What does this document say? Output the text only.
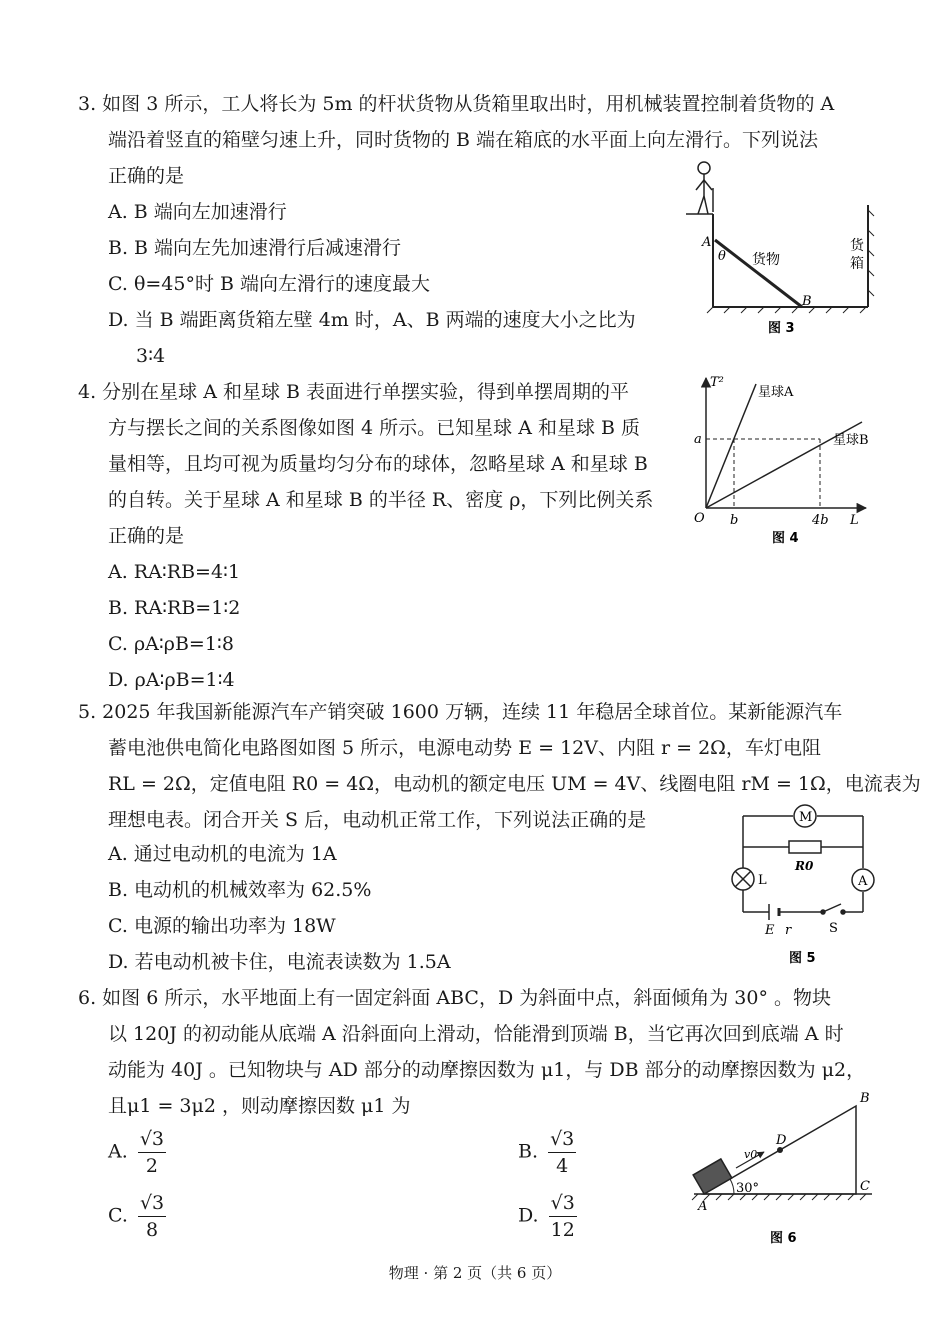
3. 如图 3 所示，工人将长为 5m 的杆状货物从货箱里取出时，用机械装置控制着货物的 A
端沿着竖直的箱壁匀速上升，同时货物的 B 端在箱底的水平面上向左滑行。下列说法
正确的是
A. B 端向左加速滑行
B. B 端向左先加速滑行后减速滑行
C. θ=45°时 B 端向左滑行的速度最大
D. 当 B 端距离货箱左壁 4m 时，A、B 两端的速度大小之比为
3∶4
A
θ 货物
B
货
箱
图 3
4. 分别在星球 A 和星球 B 表面进行单摆实验，得到单摆周期的平
方与摆长之间的关系图像如图 4 所示。已知星球 A 和星球 B 质
量相等，且均可视为质量均匀分布的球体，忽略星球 A 和星球 B
的自转。关于星球 A 和星球 B 的半径 R、密度 ρ，下列比例关系
正确的是
A. RA∶RB=4∶1
B. RA∶RB=1∶2
C. ρA∶ρB=1∶8
D. ρA∶ρB=1∶4
T²
L
O
a
b	4b
星球A
星球B
图 4
5. 2025 年我国新能源汽车产销突破 1600 万辆，连续 11 年稳居全球首位。某新能源汽车
蓄电池供电简化电路图如图 5 所示，电源电动势 E = 12V、内阻 r = 2Ω，车灯电阻
RL = 2Ω，定值电阻 R0 = 4Ω，电动机的额定电压 UM = 4V、线圈电阻 rM = 1Ω，电流表为
理想电表。闭合开关 S 后，电动机正常工作，下列说法正确的是
A. 通过电动机的电流为 1A
B. 电动机的机械效率为 62.5%
C. 电源的输出功率为 18W
D. 若电动机被卡住，电流表读数为 1.5A
M
R0
L	A
E r	S
图 5
6. 如图 6 所示，水平地面上有一固定斜面 ABC，D 为斜面中点，斜面倾角为 30° 。物块
以 120J 的初动能从底端 A 沿斜面向上滑动，恰能滑到顶端 B，当它再次回到底端 A 时
动能为 40J 。已知物块与 AD 部分的动摩擦因数为 μ1，与 DB 部分的动摩擦因数为 μ2，
且μ1 = 3μ2 ，则动摩擦因数 μ1 为
A. $\frac{√3}{2}$	B. $\frac{√3}{4}$
C. $\frac{√3}{8}$	D. $\frac{√3}{12}$	A
B
C
D
v0
30°
图 6
物理 · 第 2 页（共 6 页）
